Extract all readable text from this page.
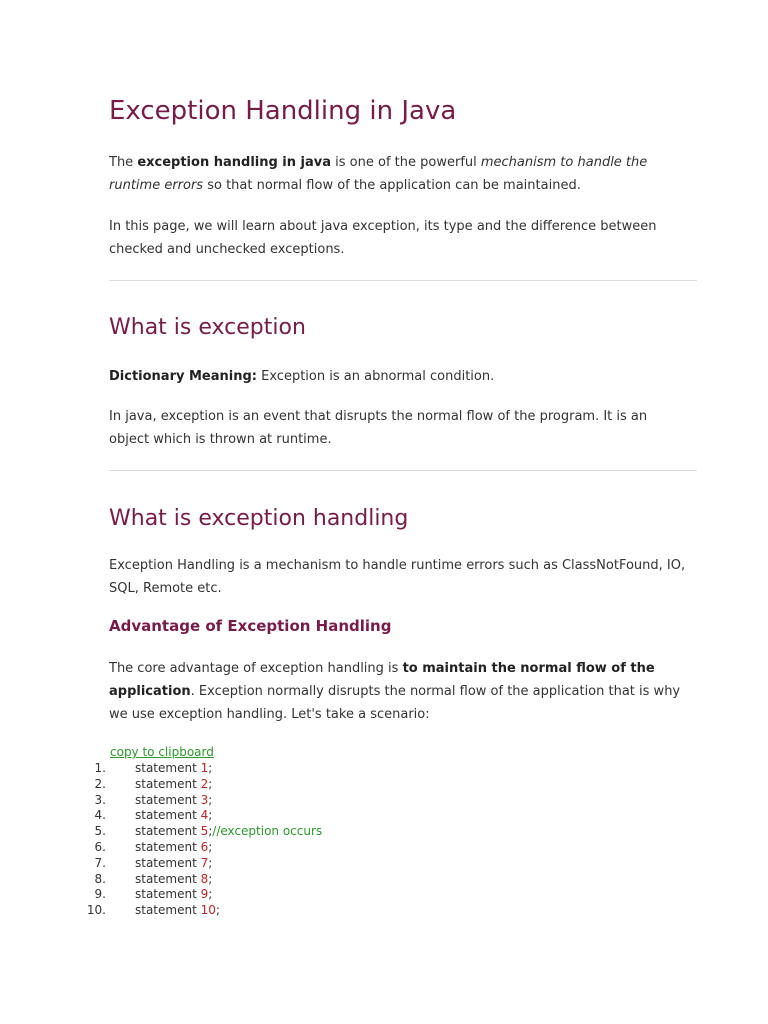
Exception Handling in Java

The exception handling in java is one of the powerful mechanism to handle the runtime errors so that normal flow of the application can be maintained.

In this page, we will learn about java exception, its type and the difference between checked and unchecked exceptions.

What is exception

Dictionary Meaning: Exception is an abnormal condition.

In java, exception is an event that disrupts the normal flow of the program. It is an object which is thrown at runtime.

What is exception handling

Exception Handling is a mechanism to handle runtime errors such as ClassNotFound, IO, SQL, Remote etc.

Advantage of Exception Handling

The core advantage of exception handling is to maintain the normal flow of the application. Exception normally disrupts the normal flow of the application that is why we use exception handling. Let's take a scenario:

copy to clipboard
1. statement 1;
2. statement 2;
3. statement 3;
4. statement 4;
5. statement 5;//exception occurs
6. statement 6;
7. statement 7;
8. statement 8;
9. statement 9;
10. statement 10;
